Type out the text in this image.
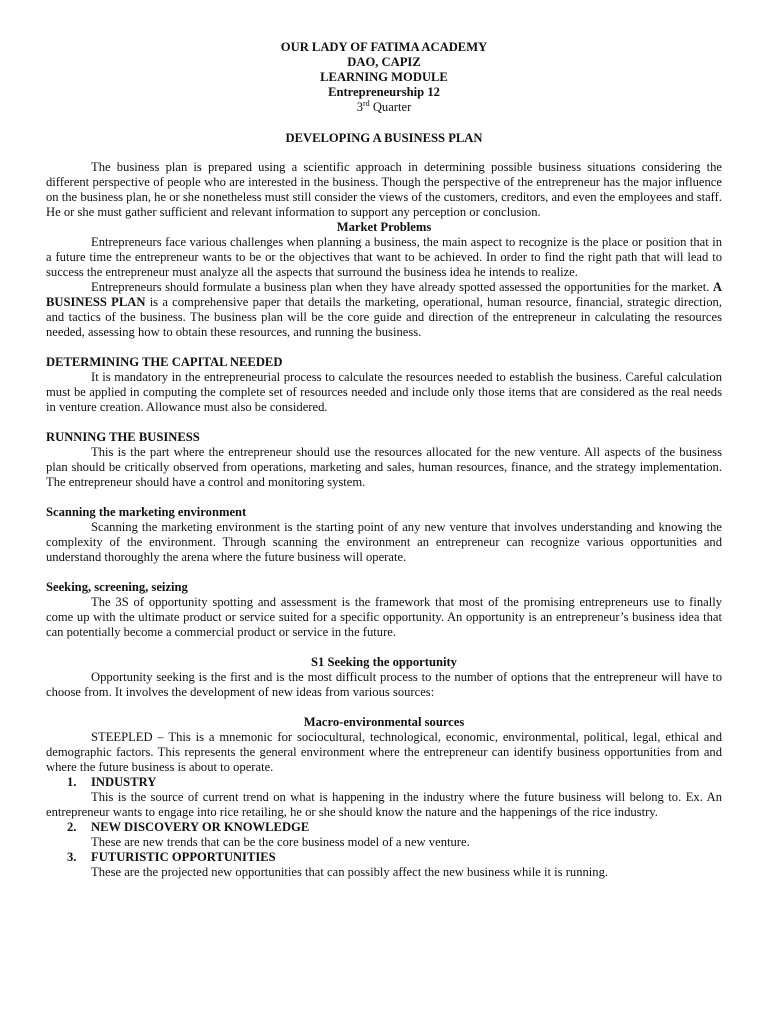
OUR LADY OF FATIMA ACADEMY
DAO, CAPIZ
LEARNING MODULE
Entrepreneurship 12
3rd Quarter
DEVELOPING A BUSINESS PLAN

The business plan is prepared using a scientific approach in determining possible business situations considering the different perspective of people who are interested in the business. Though the perspective of the entrepreneur has the major influence on the business plan, he or she nonetheless must still consider the views of the customers, creditors, and even the employees and staff. He or she must gather sufficient and relevant information to support any perception or conclusion.

Market Problems

Entrepreneurs face various challenges when planning a business, the main aspect to recognize is the place or position that in a future time the entrepreneur wants to be or the objectives that want to be achieved. In order to find the right path that will lead to success the entrepreneur must analyze all the aspects that surround the business idea he intends to realize.

Entrepreneurs should formulate a business plan when they have already spotted assessed the opportunities for the market. A BUSINESS PLAN is a comprehensive paper that details the marketing, operational, human resource, financial, strategic direction, and tactics of the business. The business plan will be the core guide and direction of the entrepreneur in calculating the resources needed, assessing how to obtain these resources, and running the business.

DETERMINING THE CAPITAL NEEDED

It is mandatory in the entrepreneurial process to calculate the resources needed to establish the business. Careful calculation must be applied in computing the complete set of resources needed and include only those items that are considered as the real needs in venture creation. Allowance must also be considered.

RUNNING THE BUSINESS

This is the part where the entrepreneur should use the resources allocated for the new venture. All aspects of the business plan should be critically observed from operations, marketing and sales, human resources, finance, and the strategy implementation. The entrepreneur should have a control and monitoring system.

Scanning the marketing environment

Scanning the marketing environment is the starting point of any new venture that involves understanding and knowing the complexity of the environment. Through scanning the environment an entrepreneur can recognize various opportunities and understand thoroughly the arena where the future business will operate.

Seeking, screening, seizing

The 3S of opportunity spotting and assessment is the framework that most of the promising entrepreneurs use to finally come up with the ultimate product or service suited for a specific opportunity. An opportunity is an entrepreneur’s business idea that can potentially become a commercial product or service in the future.

S1 Seeking the opportunity

Opportunity seeking is the first and is the most difficult process to the number of options that the entrepreneur will have to choose from. It involves the development of new ideas from various sources:

Macro-environmental sources

STEEPLED – This is a mnemonic for sociocultural, technological, economic, environmental, political, legal, ethical and demographic factors. This represents the general environment where the entrepreneur can identify business opportunities from and where the future business is about to operate.

1.	INDUSTRY

This is the source of current trend on what is happening in the industry where the future business will belong to. Ex. An entrepreneur wants to engage into rice retailing, he or she should know the nature and the happenings of the rice industry.

2.	NEW DISCOVERY OR KNOWLEDGE

These are new trends that can be the core business model of a new venture.

3.	FUTURISTIC OPPORTUNITIES

These are the projected new opportunities that can possibly affect the new business while it is running.
